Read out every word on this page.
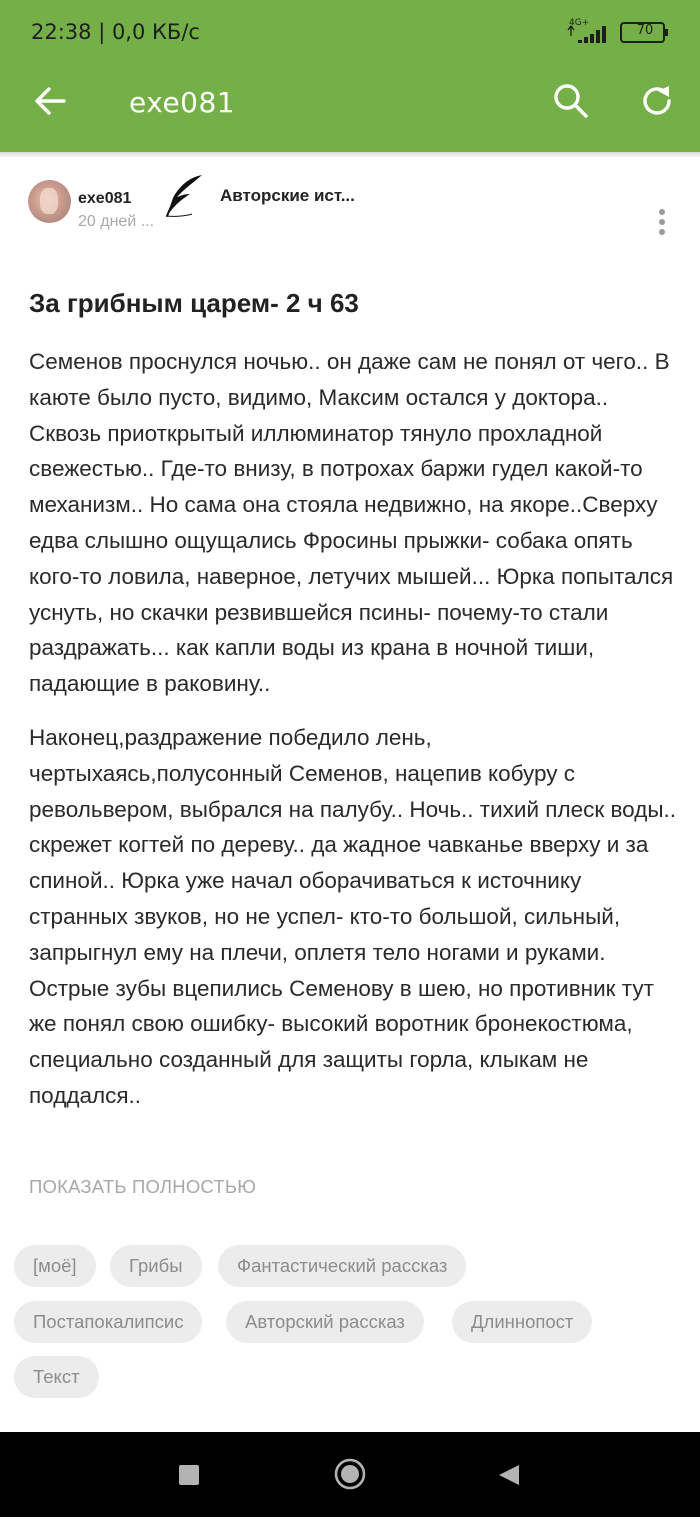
22:38 | 0,0 КБ/с	4G+	70
exe081
exe081
20 дней ...
Авторские ист...
За грибным царем- 2 ч 63

Семенов проснулся ночью.. он даже сам не понял от чего.. В каюте было пусто, видимо, Максим остался у доктора.. Сквозь приоткрытый иллюминатор тянуло прохладной свежестью.. Где-то внизу, в потрохах баржи гудел какой-то механизм.. Но сама она стояла недвижно, на якоре..Сверху едва слышно ощущались Фросины прыжки- собака опять кого-то ловила, наверное, летучих мышей... Юрка попытался уснуть, но скачки резвившейся псины- почему-то стали раздражать... как капли воды из крана в ночной тиши, падающие в раковину..

Наконец,раздражение победило лень, чертыхаясь,полусонный Семенов, нацепив кобуру с револьвером, выбрался на палубу.. Ночь.. тихий плеск воды.. скрежет когтей по дереву.. да жадное чавканье вверху и за спиной.. Юрка уже начал оборачиваться к источнику странных звуков, но не успел- кто-то большой, сильный, запрыгнул ему на плечи, оплетя тело ногами и руками. Острые зубы вцепились Семенову в шею, но противник тут же понял свою ошибку- высокий воротник бронекостюма, специально созданный для защиты горла, клыкам не поддался..

ПОКАЗАТЬ ПОЛНОСТЬЮ
[моё]	Грибы	Фантастический рассказ
Постапокалипсис	Авторский рассказ	Длиннопост
Текст
